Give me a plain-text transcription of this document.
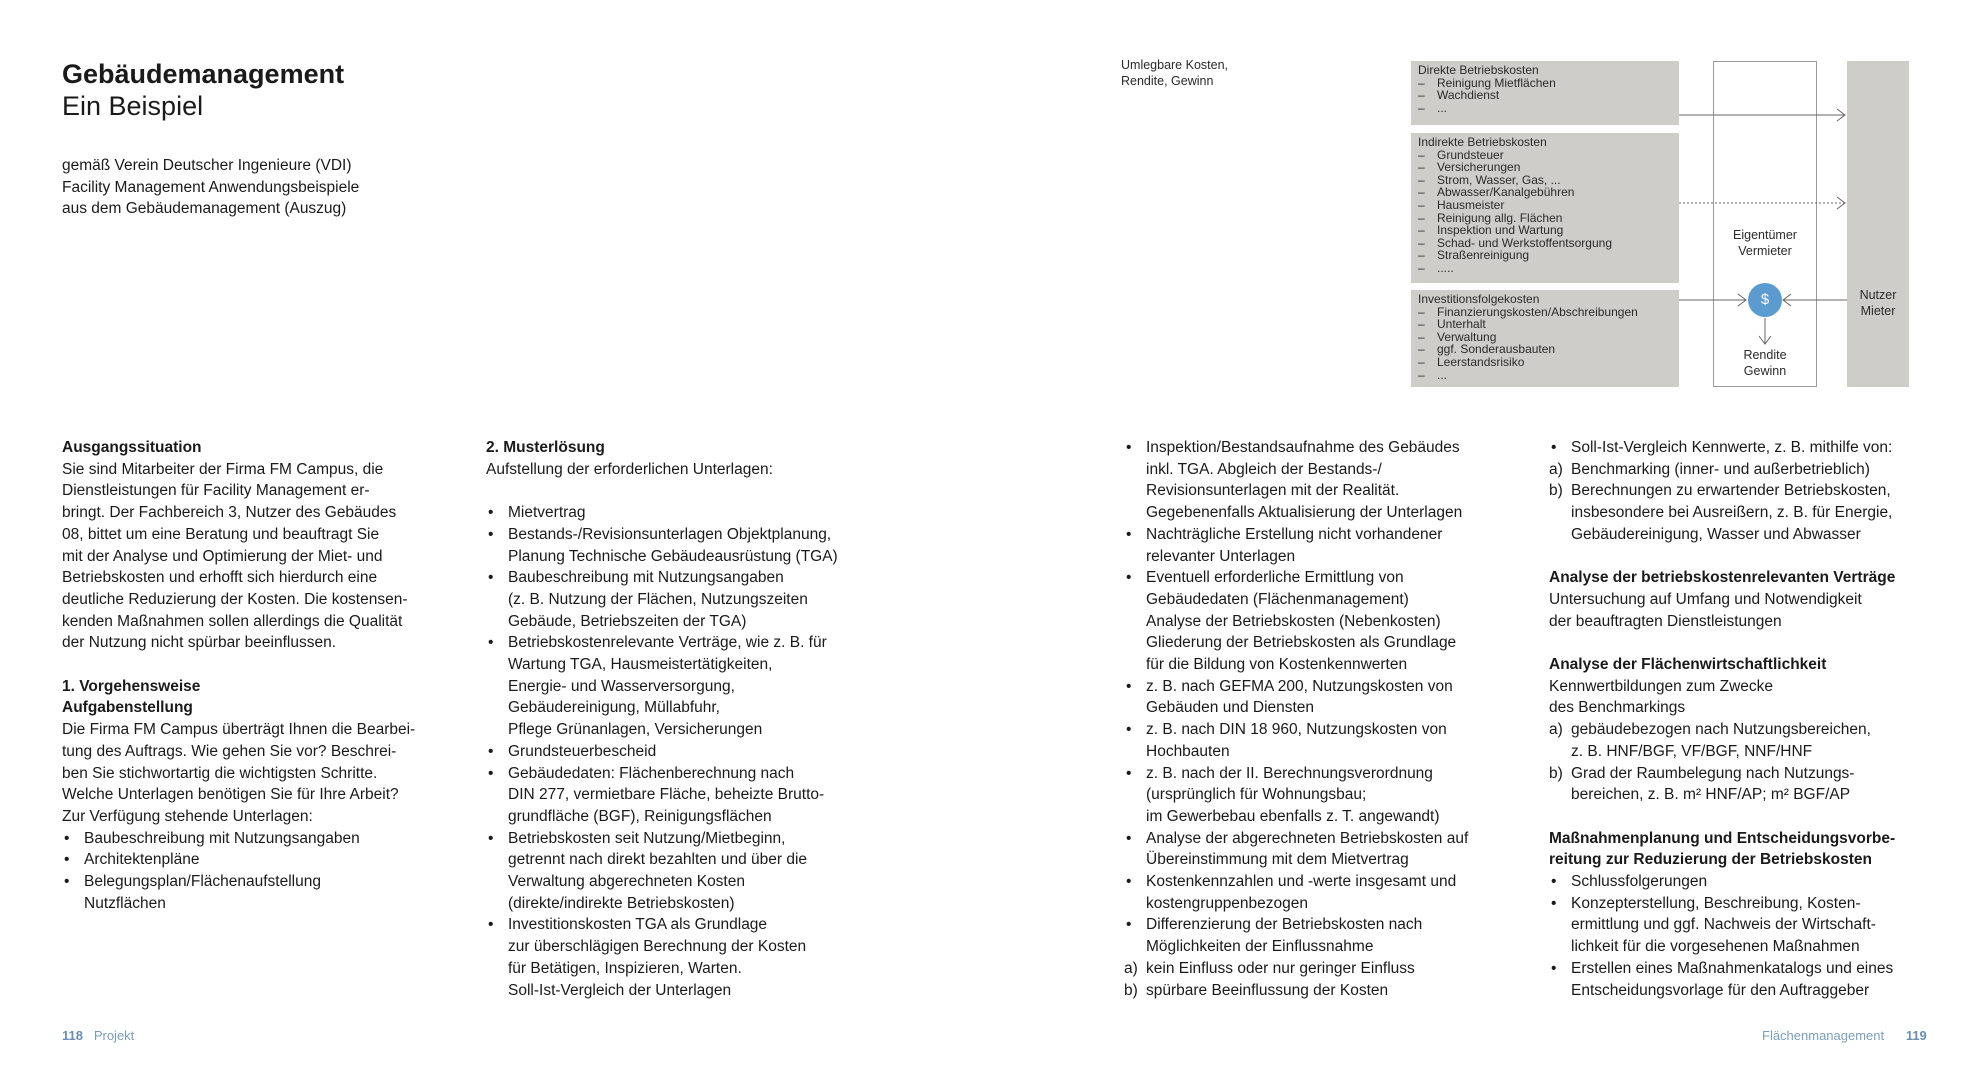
Gebäudemanagement
Ein Beispiel
gemäß Verein Deutscher Ingenieure (VDI)
Facility Management Anwendungsbeispiele
aus dem Gebäudemanagement (Auszug)
Umlegbare Kosten,
Rendite, Gewinn
Direkte Betriebskosten
– Reinigung Mietflächen
– Wachdienst
– ...
Indirekte Betriebskosten
– Grundsteuer
– Versicherungen
– Strom, Wasser, Gas, ...
– Abwasser/Kanalgebühren
– Hausmeister
– Reinigung allg. Flächen
– Inspektion und Wartung
– Schad- und Werkstoffentsorgung
– Straßenreinigung
– .....
Investitionsfolgekosten
– Finanzierungskosten/Abschreibungen
– Unterhalt
– Verwaltung
– ggf. Sonderausbauten
– Leerstandsrisiko
– ...
$
Eigentümer
Vermieter
Rendite
Gewinn
Nutzer
Mieter

Ausgangssituation

Sie sind Mitarbeiter der Firma FM Campus, die

Dienstleistungen für Facility Management er-

bringt. Der Fachbereich 3, Nutzer des Gebäudes

08, bittet um eine Beratung und beauftragt Sie

mit der Analyse und Optimierung der Miet- und

Betriebskosten und erhofft sich hierdurch eine

deutliche Reduzierung der Kosten. Die kostensen-

kenden Maßnahmen sollen allerdings die Qualität

der Nutzung nicht spürbar beeinflussen.

1. Vorgehensweise

Aufgabenstellung

Die Firma FM Campus überträgt Ihnen die Bearbei-

tung des Auftrags. Wie gehen Sie vor? Beschrei-

ben Sie stichwortartig die wichtigsten Schritte.

Welche Unterlagen benötigen Sie für Ihre Arbeit?

Zur Verfügung stehende Unterlagen:

• Baubeschreibung mit Nutzungsangaben
• Architektenpläne
• Belegungsplan/Flächenaufstellung
Nutzflächen

2. Musterlösung

Aufstellung der erforderlichen Unterlagen:

• Mietvertrag
• Bestands-/Revisionsunterlagen Objektplanung,
Planung Technische Gebäudeausrüstung (TGA)
• Baubeschreibung mit Nutzungsangaben
(z. B. Nutzung der Flächen, Nutzungszeiten
Gebäude, Betriebszeiten der TGA)
• Betriebskostenrelevante Verträge, wie z. B. für
Wartung TGA, Hausmeistertätigkeiten,
Energie- und Wasserversorgung,
Gebäudereinigung, Müllabfuhr,
Pflege Grünanlagen, Versicherungen
• Grundsteuerbescheid
• Gebäudedaten: Flächenberechnung nach
DIN 277, vermietbare Fläche, beheizte Brutto-
grundfläche (BGF), Reinigungsflächen
• Betriebskosten seit Nutzung/Mietbeginn,
getrennt nach direkt bezahlten und über die
Verwaltung abgerechneten Kosten
(direkte/indirekte Betriebskosten)
• Investitionskosten TGA als Grundlage
zur überschlägigen Berechnung der Kosten
für Betätigen, Inspizieren, Warten.
Soll-Ist-Vergleich der Unterlagen
• Inspektion/Bestandsaufnahme des Gebäudes
inkl. TGA. Abgleich der Bestands-/
Revisionsunterlagen mit der Realität.
Gegebenenfalls Aktualisierung der Unterlagen
• Nachträgliche Erstellung nicht vorhandener
relevanter Unterlagen
• Eventuell erforderliche Ermittlung von
Gebäudedaten (Flächenmanagement)
Analyse der Betriebskosten (Nebenkosten)
Gliederung der Betriebskosten als Grundlage
für die Bildung von Kostenkennwerten
• z. B. nach GEFMA 200, Nutzungskosten von
Gebäuden und Diensten
• z. B. nach DIN 18 960, Nutzungskosten von
Hochbauten
• z. B. nach der II. Berechnungsverordnung
(ursprünglich für Wohnungsbau;
im Gewerbebau ebenfalls z. T. angewandt)
• Analyse der abgerechneten Betriebskosten auf
Übereinstimmung mit dem Mietvertrag
• Kostenkennzahlen und -werte insgesamt und
kostengruppenbezogen
• Differenzierung der Betriebskosten nach
Möglichkeiten der Einflussnahme
a) kein Einfluss oder nur geringer Einfluss
b) spürbare Beeinflussung der Kosten
• Soll-Ist-Vergleich Kennwerte, z. B. mithilfe von:
a) Benchmarking (inner- und außerbetrieblich)
b) Berechnungen zu erwartender Betriebskosten,
insbesondere bei Ausreißern, z. B. für Energie,
Gebäudereinigung, Wasser und Abwasser

Analyse der betriebskostenrelevanten Verträge

Untersuchung auf Umfang und Notwendigkeit

der beauftragten Dienstleistungen

Analyse der Flächenwirtschaftlichkeit

Kennwertbildungen zum Zwecke

des Benchmarkings

a) gebäudebezogen nach Nutzungsbereichen,
z. B. HNF/BGF, VF/BGF, NNF/HNF
b) Grad der Raumbelegung nach Nutzungs-
bereichen, z. B. m² HNF/AP; m² BGF/AP

Maßnahmenplanung und Entscheidungsvorbe-

reitung zur Reduzierung der Betriebskosten

• Schlussfolgerungen
• Konzepterstellung, Beschreibung, Kosten-
ermittlung und ggf. Nachweis der Wirtschaft-
lichkeit für die vorgesehenen Maßnahmen
• Erstellen eines Maßnahmenkatalogs und eines
Entscheidungsvorlage für den Auftraggeber
118 Projekt	Flächenmanagement 119
